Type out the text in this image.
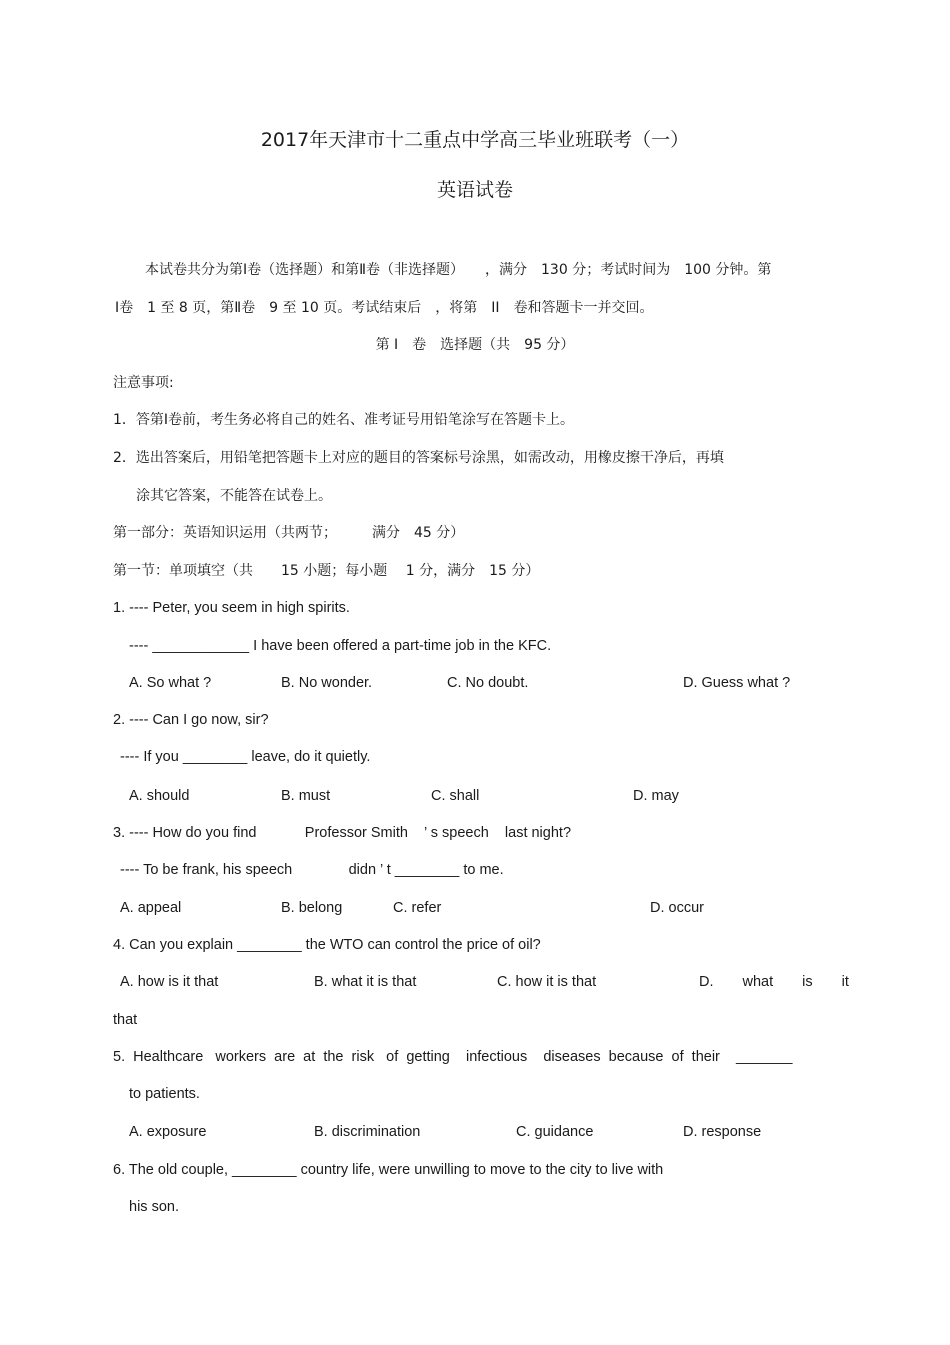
2017年天津市十二重点中学高三毕业班联考（一）
英语试卷
本试卷共分为第Ⅰ卷（选择题）和第Ⅱ卷（非选择题）　　，满分　130 分；考试时间为　100 分钟。第
Ⅰ卷　1 至 8 页，第Ⅱ卷　9 至 10 页。考试结束后　，将第　II　卷和答题卡一并交回。
第 I　卷　选择题（共　95 分）
注意事项:
1．答第Ⅰ卷前，考生务必将自己的姓名、准考证号用铅笔涂写在答题卡上。
2．选出答案后，用铅笔把答题卡上对应的题目的答案标号涂黑，如需改动，用橡皮擦干净后，再填
涂其它答案，不能答在试卷上。
第一部分：英语知识运用（共两节；　　　满分　45 分）
第一节：单项填空（共　　15 小题；每小题　 1 分，满分　15 分）
1. ---- Peter, you seem in high spirits.
---- ____________ I have been offered a part-time job in the KFC.
A. So what ?	B. No wonder.	C. No doubt.	D. Guess what ?
2. ---- Can I go now, sir?
---- If you ________ leave, do it quietly.
A. should	B. must	C. shall	D. may
3. ---- How do you find            Professor Smith    ’ s speech    last night?
---- To be frank, his speech              didn ’ t ________ to me.
A. appeal	B. belong	C. refer	D. occur
4. Can you explain ________ the WTO can control the price of oil?
A. how is it that	B. what it is that	C. how it is that	D.　　what　　is　　it
that
5.  Healthcare   workers  are  at  the  risk   of  getting    infectious    diseases  because  of  their    _______
to patients.
A. exposure	B. discrimination	C. guidance	D. response
6. The old couple, ________ country life, were unwilling to move to the city to live with
his son.
